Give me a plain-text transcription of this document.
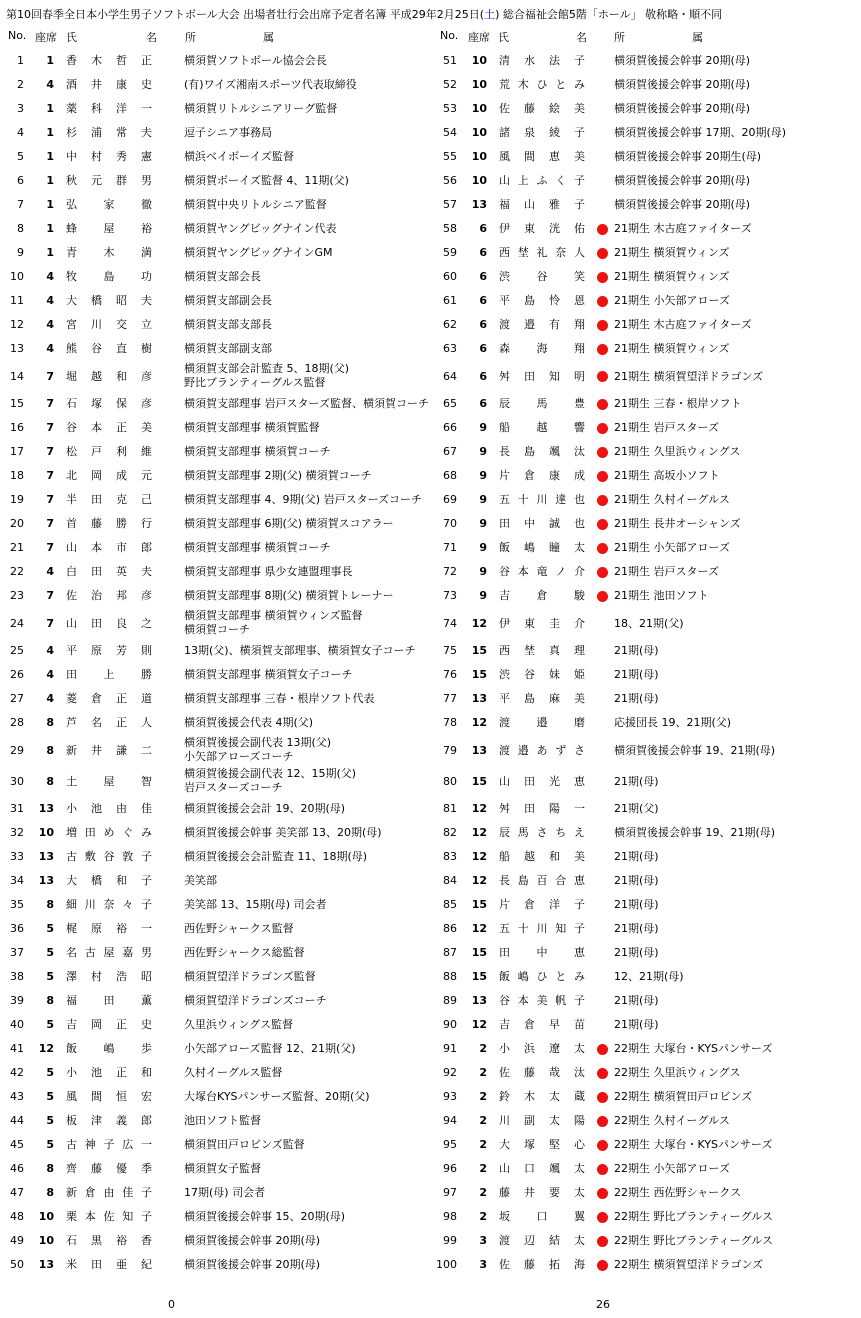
第10回春季全日本小学生男子ソフトボール大会 出場者壮行会出席予定者名簿 平成29年2月25日(土) 総合福祉会館5階「ホール」 敬称略・順不同
No. 座席 氏	名	所	属	No. 座席 氏	名 所	属
1	1 香 木 哲 正	横須賀ソフトボール協会会長
2	4 酒 井 康 史	(有)ワイズ湘南スポーツ代表取締役
3	1 薬 科 洋 一	横須賀リトルシニアリーグ監督
4	1 杉 浦 常 夫	逗子シニア事務局
5	1 中 村 秀 憲	横浜ベイボーイズ監督
6	1 秋 元 群 男	横須賀ボーイズ監督 4、11期(父)
7	1 弘 家 徹	横須賀中央リトルシニア監督
8	1 蜂 屋 裕	横須賀ヤングビッグナイン代表
9	1 青 木 満	横須賀ヤングビッグナインGM
10	4 牧 島 功	横須賀支部会長
11	4 大 橋 昭 夫	横須賀支部副会長
12	4 宮 川 交 立	横須賀支部支部長
13	4 熊 谷 直 樹	横須賀支部副支部
14	7 堀 越 和 彦
横須賀支部会計監査 5、18期(父)
野比ブランティーグルス監督
15	7 石 塚 保 彦	横須賀支部理事 岩戸スターズ監督、横須賀コーチ
16	7 谷 本 正 美	横須賀支部理事 横須賀監督
17	7 松 戸 利 維	横須賀支部理事 横須賀コーチ
18	7 北 岡 成 元	横須賀支部理事 2期(父) 横須賀コーチ
19	7 半 田 克 己	横須賀支部理事 4、9期(父) 岩戸スターズコーチ
20	7 首 藤 勝 行	横須賀支部理事 6期(父) 横須賀スコアラー
21	7 山 本 市 郎	横須賀支部理事 横須賀コーチ
22	4 白 田 英 夫	横須賀支部理事 県少女連盟理事長
23	7 佐 治 邦 彦	横須賀支部理事 8期(父) 横須賀トレーナー
24	7 山 田 良 之
横須賀支部理事 横須賀ウィンズ監督
横須賀コーチ
25	4 平 原 芳 則	13期(父)、横須賀支部理事、横須賀女子コーチ
26	4 田 上 勝	横須賀支部理事 横須賀女子コーチ
27	4 菱 倉 正 道	横須賀支部理事 三春・根岸ソフト代表
28	8 芦 名 正 人	横須賀後援会代表 4期(父)
29	8 新 井 謙 二
横須賀後援会副代表 13期(父)
小矢部アローズコーチ
30	8 土 屋 智
横須賀後援会副代表 12、15期(父)
岩戸スターズコーチ
31	13 小 池 由 佳	横須賀後援会会計 19、20期(母)
32	10 増 田 め ぐ み	横須賀後援会幹事 美笑部 13、20期(母)
33	13 古 敷 谷 敦 子	横須賀後援会会計監査 11、18期(母)
34	13 大 橋 和 子	美笑部
35	8 細 川 奈 々 子	美笑部 13、15期(母) 司会者
36	5 梶 原 裕 一	西佐野シャークス監督
37	5 名 古 屋 嘉 男	西佐野シャークス総監督
38	5 澤 村 浩 昭	横須賀望洋ドラゴンズ監督
39	8 福 田 薫	横須賀望洋ドラゴンズコーチ
40	5 吉 岡 正 史	久里浜ウィングス監督
41	12 飯 嶋 歩	小矢部アローズ監督 12、21期(父)
42	5 小 池 正 和	久村イーグルス監督
43	5 風 間 恒 宏	大塚台KYSパンサーズ監督、20期(父)
44	5 板 津 義 郎	池田ソフト監督
45	5 古 神 子 広 一	横須賀田戸ロビンズ監督
46	8 齊 藤 優 季	横須賀女子監督
47	8 新 倉 由 佳 子	17期(母) 司会者
48	10 栗 本 佐 知 子	横須賀後援会幹事 15、20期(母)
49	10 石 黒 裕 香	横須賀後援会幹事 20期(母)
50	13 米 田 亜 紀	横須賀後援会幹事 20期(母)
51	10 清 水 法 子	横須賀後援会幹事 20期(母)
52	10 荒 木 ひ と み	横須賀後援会幹事 20期(母)
53	10 佐 藤 絵 美	横須賀後援会幹事 20期(母)
54	10 諸 泉 綾 子	横須賀後援会幹事 17期、20期(母)
55	10 風 間 恵 美	横須賀後援会幹事 20期生(母)
56	10 山 上 ふ く 子	横須賀後援会幹事 20期(母)
57	13 福 山 雅 子	横須賀後援会幹事 20期(母)
58	6 伊 東 洸 佑	21期生 木古庭ファイターズ
59	6 西 埜 礼 奈 人	21期生 横須賀ウィンズ
60	6 渋 谷 笑	21期生 横須賀ウィンズ
61	6 平 島 怜 恩	21期生 小矢部アローズ
62	6 渡 邉 有 翔	21期生 木古庭ファイターズ
63	6 森 海 翔	21期生 横須賀ウィンズ
64	6 舛 田 知 明	21期生 横須賀望洋ドラゴンズ
65	6 辰 馬 豊	21期生 三春・根岸ソフト
66	9 船 越 響	21期生 岩戸スターズ
67	9 長 島 颯 汰	21期生 久里浜ウィングス
68	9 片 倉 康 成	21期生 高坂小ソフト
69	9 五 十 川 達 也	21期生 久村イーグルス
70	9 田 中 誠 也	21期生 長井オーシャンズ
71	9 飯 嶋 瞳 太	21期生 小矢部アローズ
72	9 谷 本 竜 ノ 介	21期生 岩戸スターズ
73	9 吉 倉 駿	21期生 池田ソフト
74	12 伊 東 圭 介	18、21期(父)
75	15 西 埜 真 理	21期(母)
76	15 渋 谷 妹 姫	21期(母)
77	13 平 島 麻 美	21期(母)
78	12 渡 邉 磨	応援団長 19、21期(父)
79	13 渡 邉 あ ず さ	横須賀後援会幹事 19、21期(母)
80	15 山 田 光 恵	21期(母)
81	12 舛 田 陽 一	21期(父)
82	12 辰 馬 さ ち え	横須賀後援会幹事 19、21期(母)
83	12 船 越 和 美	21期(母)
84	12 長 島 百 合 恵	21期(母)
85	15 片 倉 洋 子	21期(母)
86	12 五 十 川 知 子	21期(母)
87	15 田 中 恵	21期(母)
88	15 飯 嶋 ひ と み	12、21期(母)
89	13 谷 本 美 帆 子	21期(母)
90	12 吉 倉 早 苗	21期(母)
91	2 小 浜 遼 太	22期生 大塚台・KYSパンサーズ
92	2 佐 藤 哉 汰	22期生 久里浜ウィングス
93	2 鈴 木 太 蔵	22期生 横須賀田戸ロビンズ
94	2 川 副 太 陽	22期生 久村イーグルス
95	2 大 塚 堅 心	22期生 大塚台・KYSパンサーズ
96	2 山 口 颯 太	22期生 小矢部アローズ
97	2 藤 井 要 太	22期生 西佐野シャークス
98	2 坂 口 翼	22期生 野比ブランティーグルス
99	3 渡 辺 結 太	22期生 野比ブランティーグルス
100	3 佐 藤 拓 海	22期生 横須賀望洋ドラゴンズ
0	26
